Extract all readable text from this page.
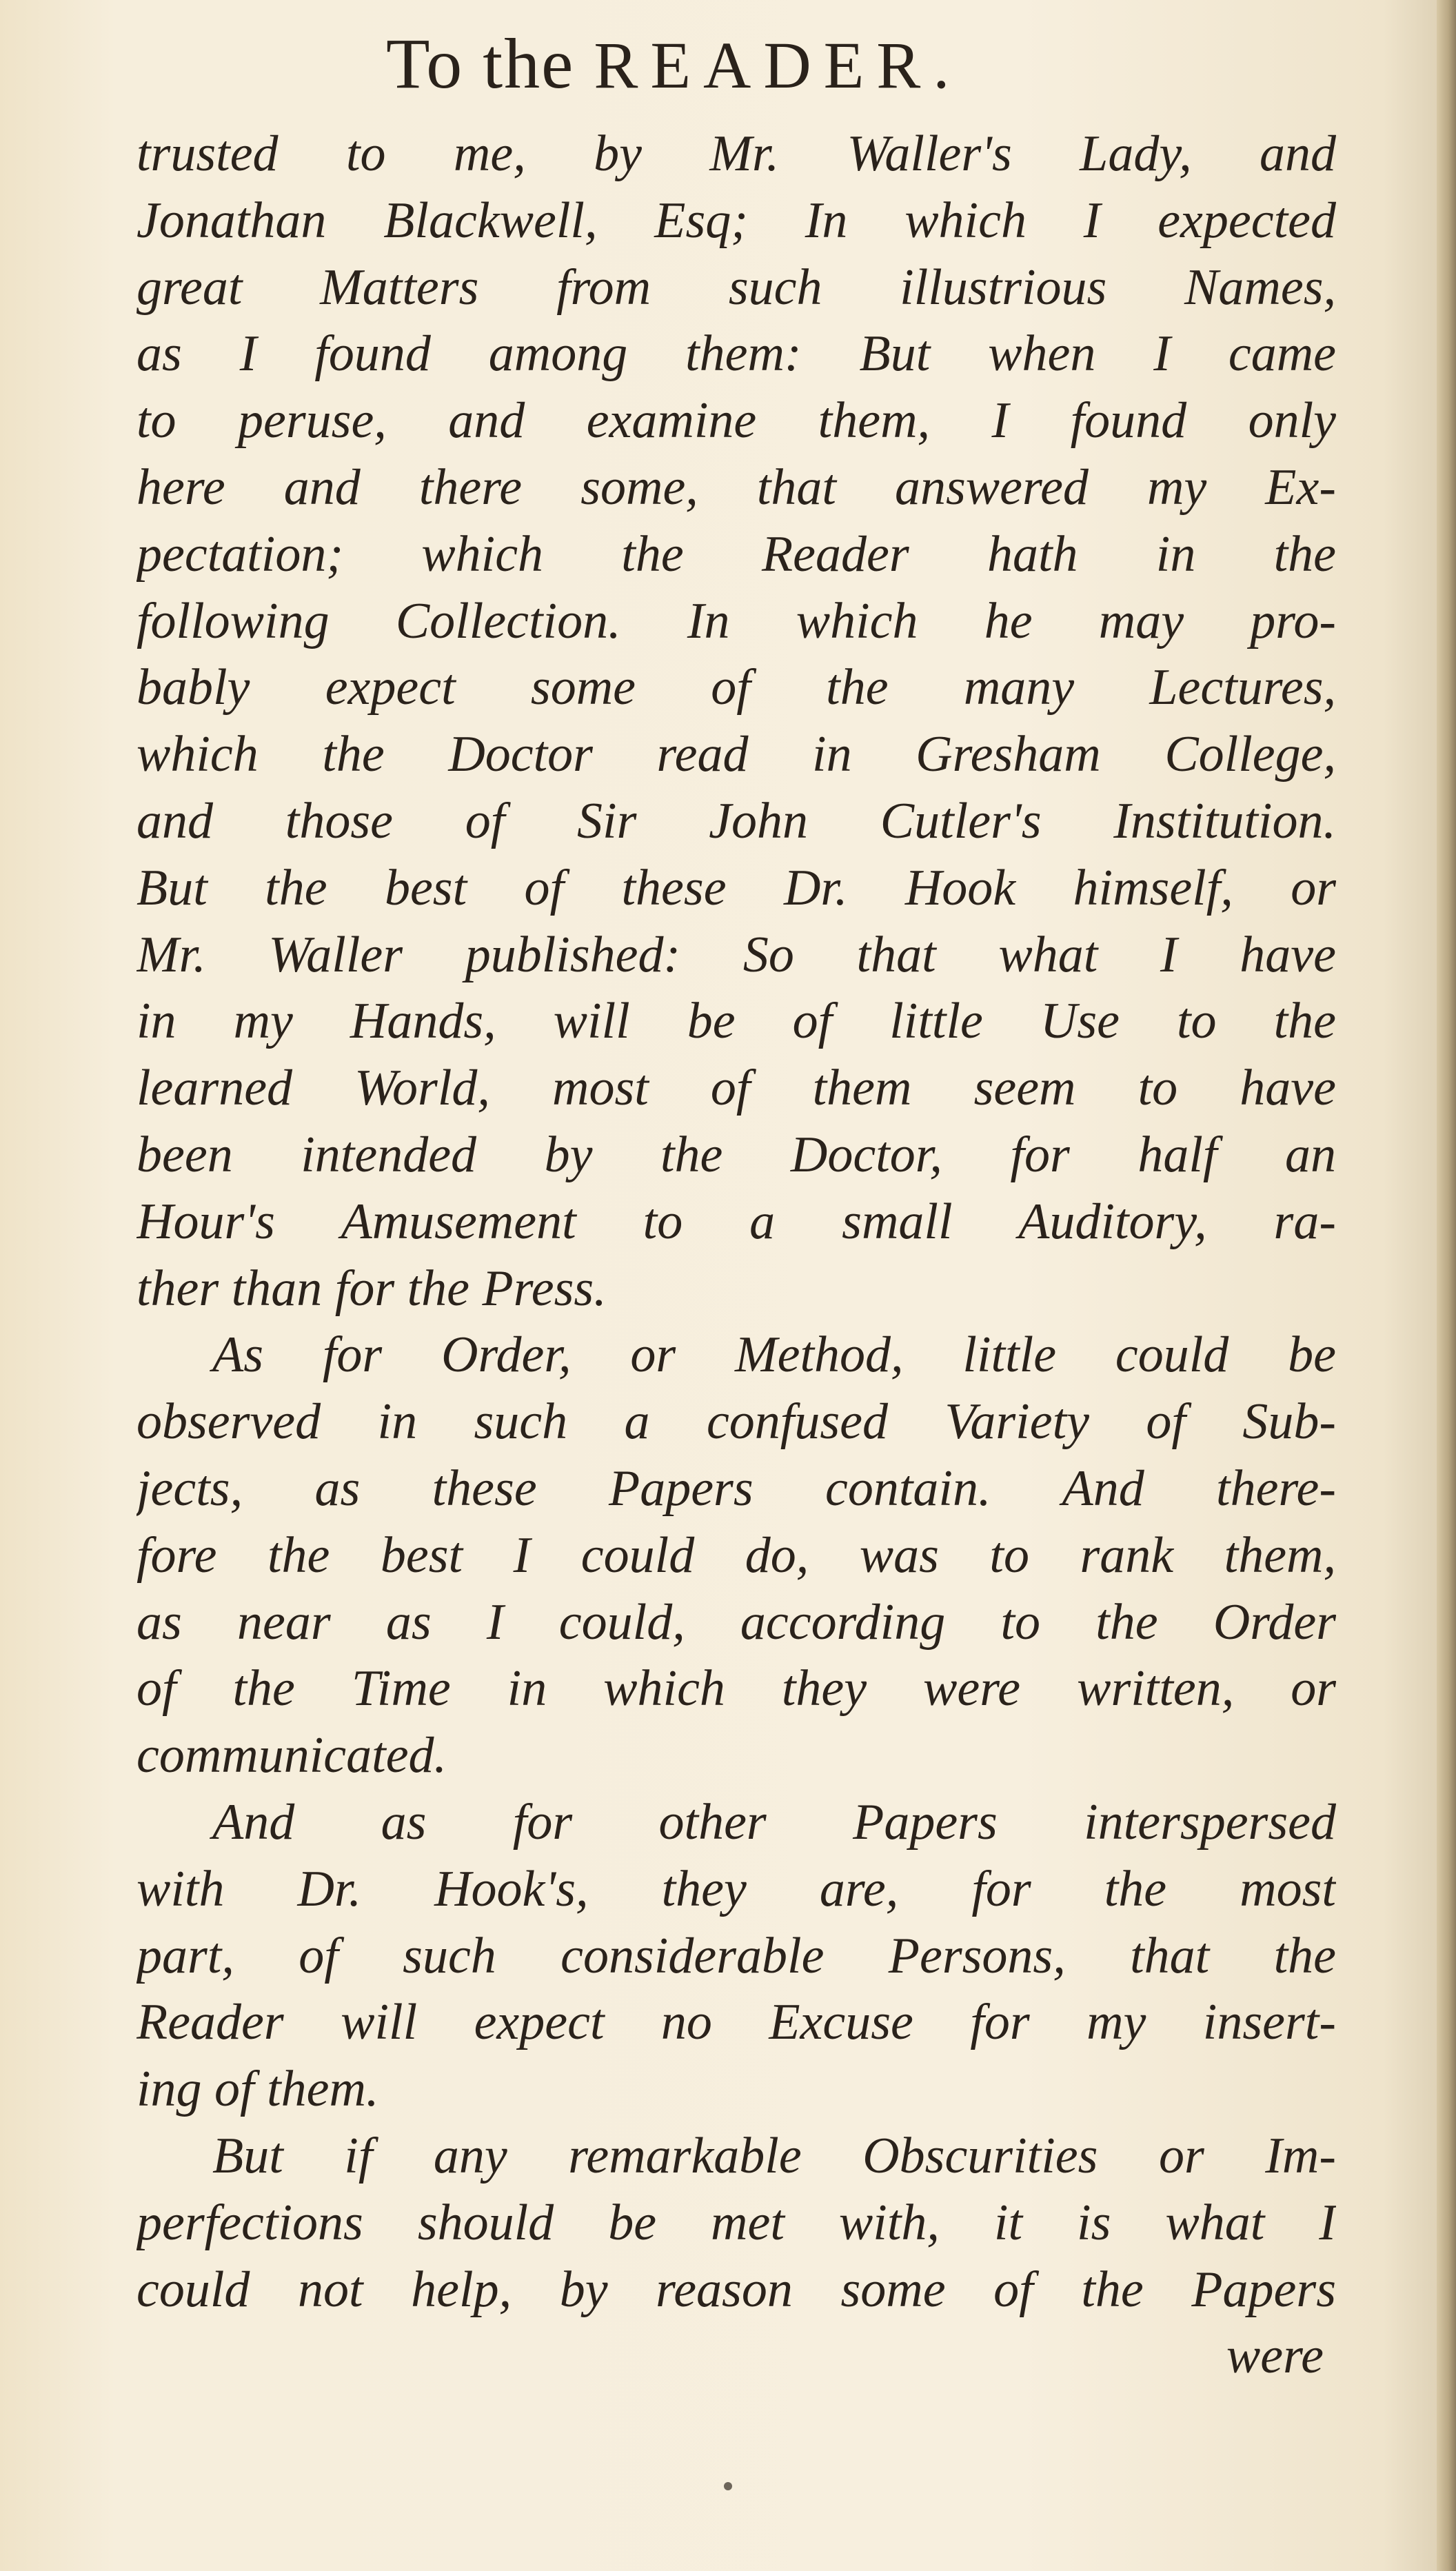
To the READER.
trusted to me, by Mr. Waller's Lady, and
Jonathan Blackwell, Esq; In which I expected
great Matters from such illustrious Names,
as I found among them: But when I came
to peruse, and examine them, I found only
here and there some, that answered my Ex-
pectation; which the Reader hath in the
following Collection. In which he may pro-
bably expect some of the many Lectures,
which the Doctor read in Gresham College,
and those of Sir John Cutler's Institution.
But the best of these Dr. Hook himself, or
Mr. Waller published: So that what I have
in my Hands, will be of little Use to the
learned World, most of them seem to have
been intended by the Doctor, for half an
Hour's Amusement to a small Auditory, ra-
ther than for the Press.
As for Order, or Method, little could be
observed in such a confused Variety of Sub-
jects, as these Papers contain. And there-
fore the best I could do, was to rank them,
as near as I could, according to the Order
of the Time in which they were written, or
communicated.
And as for other Papers interspersed
with Dr. Hook's, they are, for the most
part, of such considerable Persons, that the
Reader will expect no Excuse for my insert-
ing of them.
But if any remarkable Obscurities or Im-
perfections should be met with, it is what I
could not help, by reason some of the Papers
were
